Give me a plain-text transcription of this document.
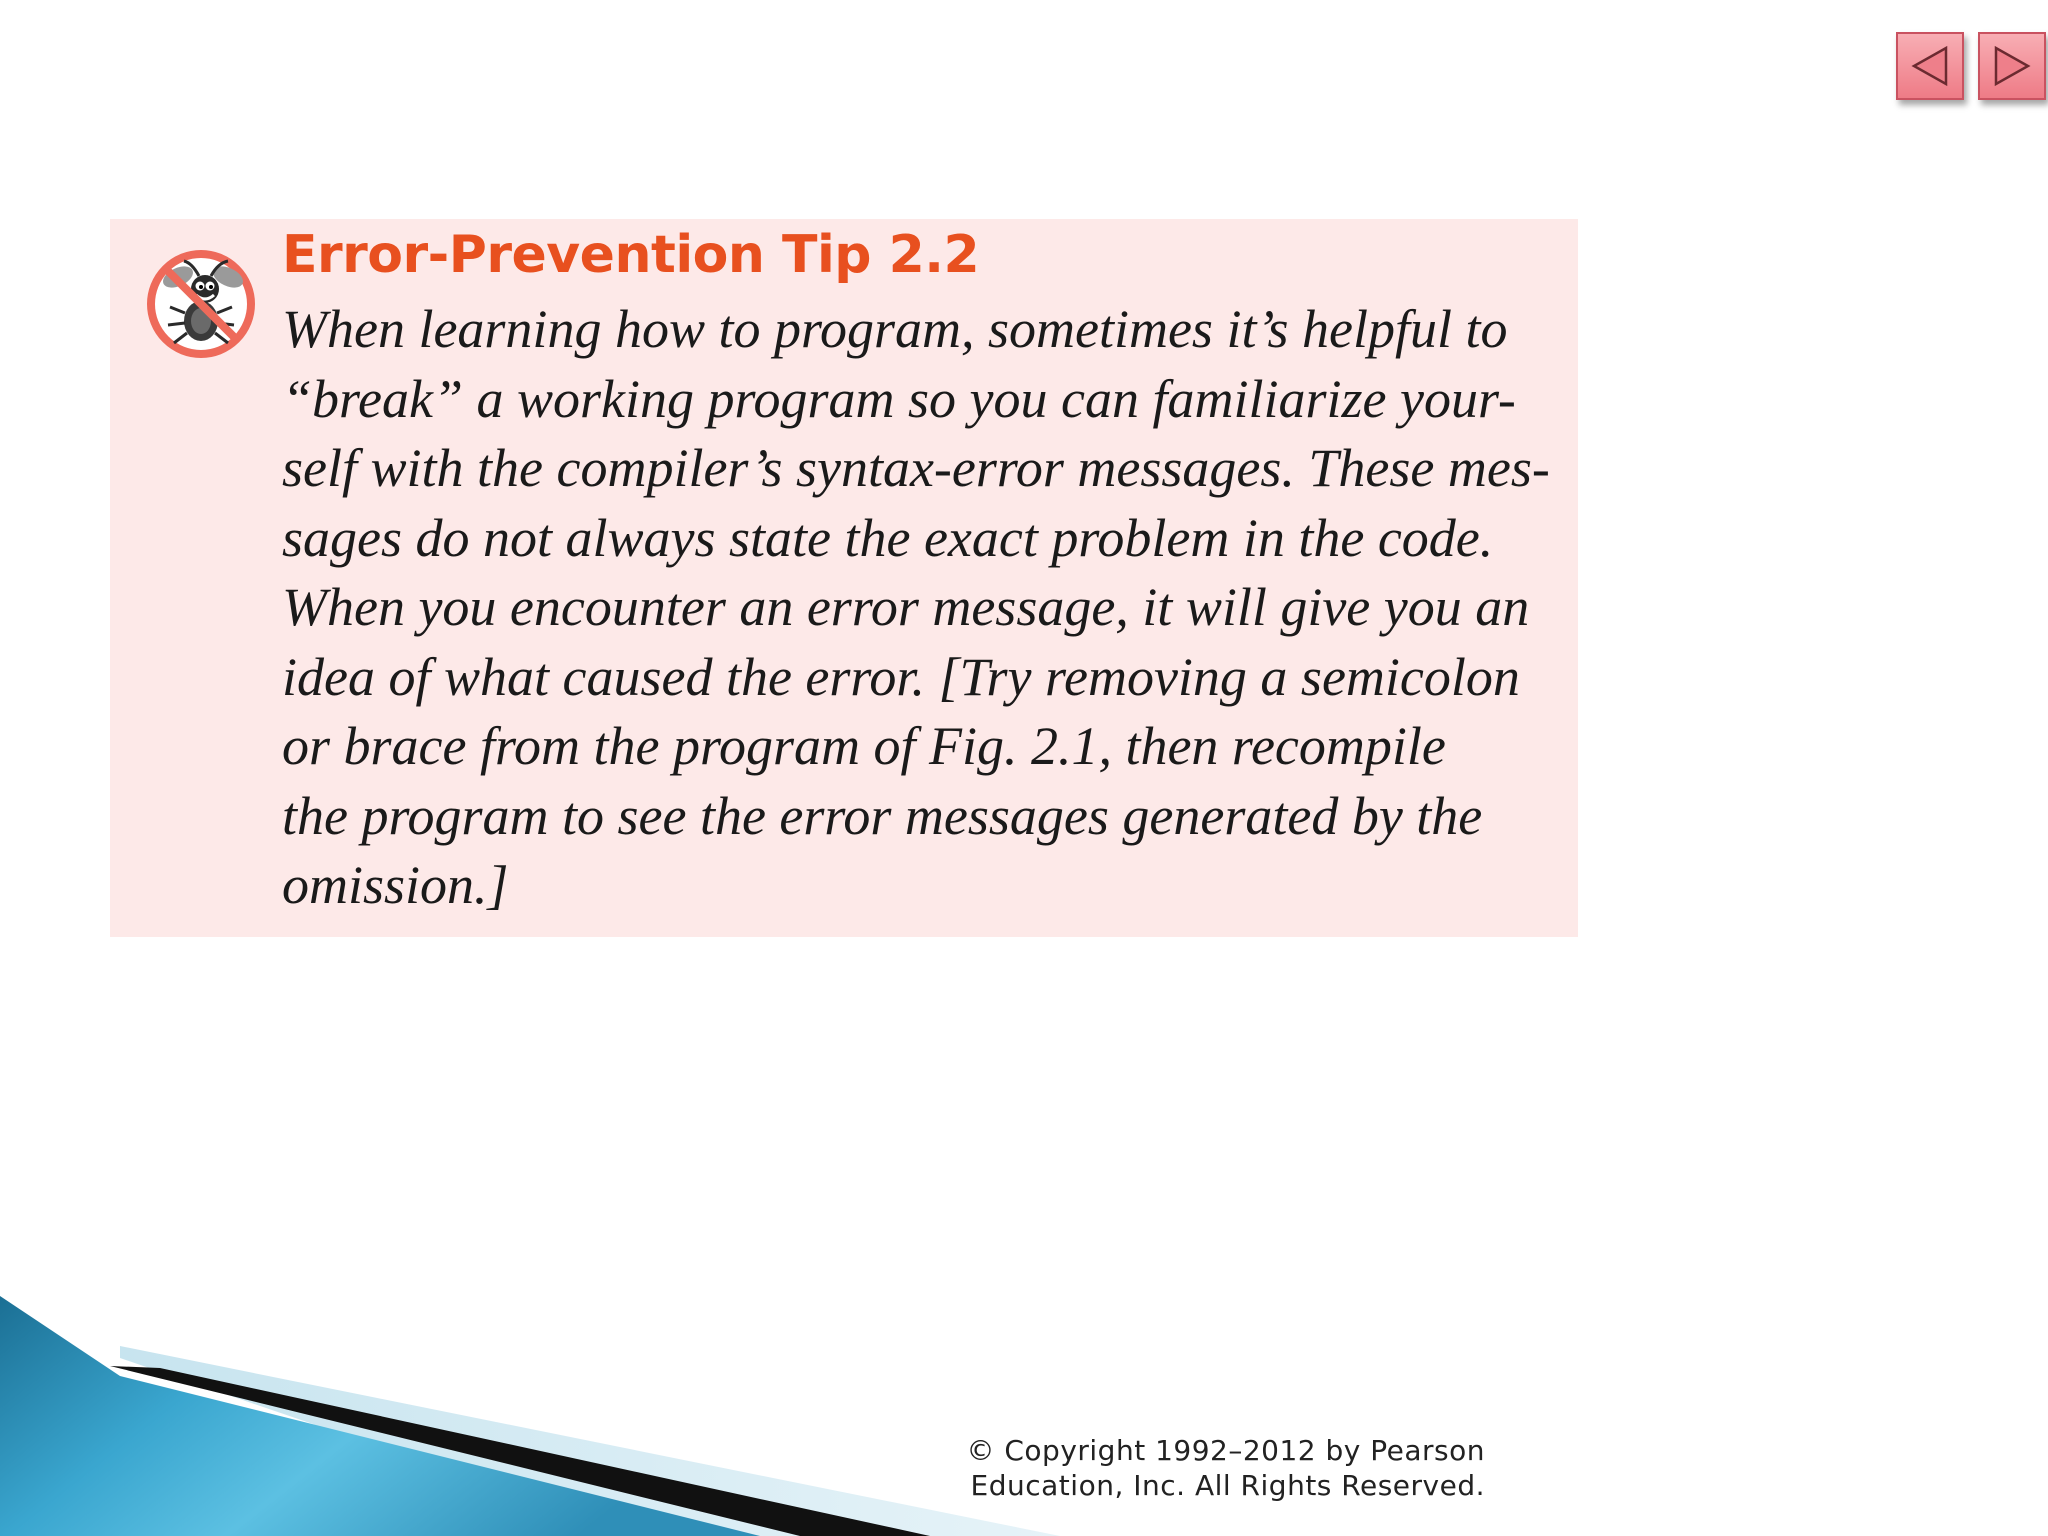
Error-Prevention Tip 2.2

When learning how to program, sometimes it’s helpful to
“break” a working program so you can familiarize your-
self with the compiler’s syntax-error messages. These mes-
sages do not always state the exact problem in the code.
When you encounter an error message, it will give you an
idea of what caused the error. [Try removing a semicolon
or brace from the program of Fig. 2.1, then recompile
the program to see the error messages generated by the
omission.]

© Copyright 1992–2012 by Pearson
Education, Inc. All Rights Reserved.
